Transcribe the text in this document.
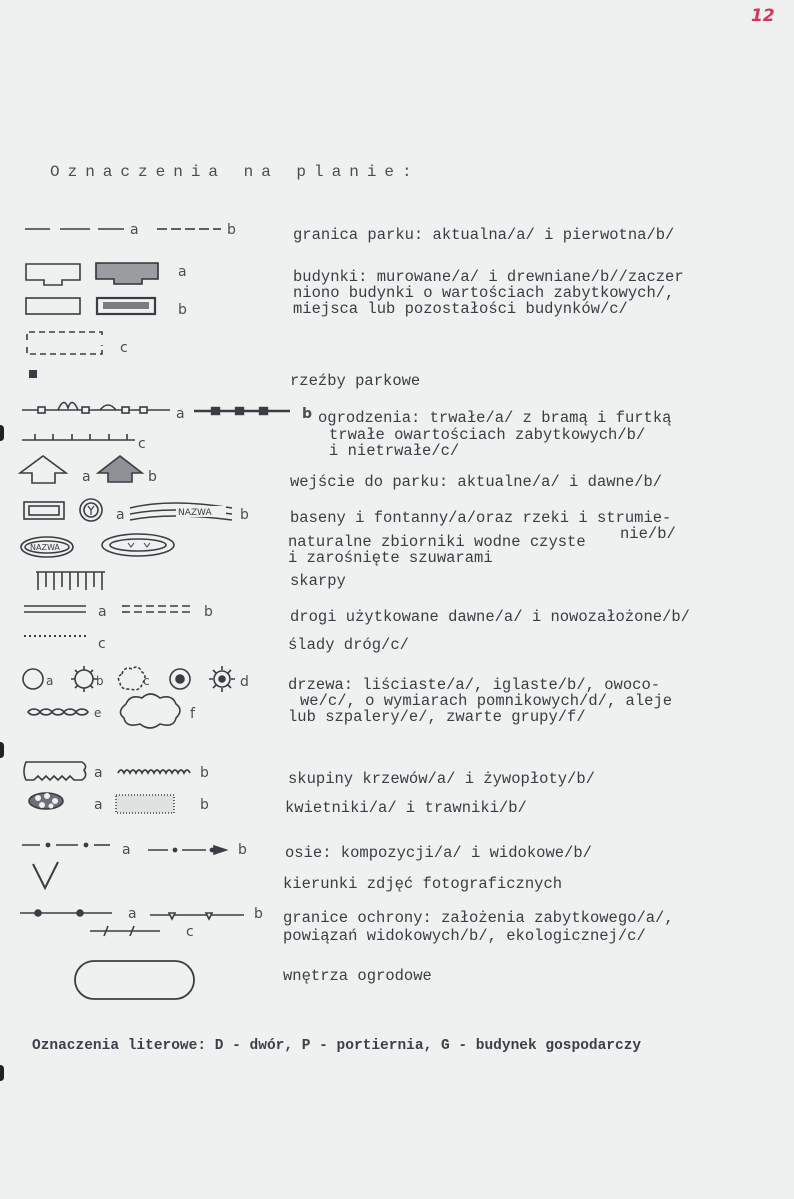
12
Oznaczenia na planie:
granica parku: aktualna/a/ i pierwotna/b/
budynki: murowane/a/ i drewniane/b//zaczer
niono budynki o wartościach zabytkowych/,
miejsca lub pozostałości budynków/c/
rzeźby parkowe
ogrodzenia: trwałe/a/ z bramą i furtką
trwałe owartościach zabytkowych/b/
i nietrwałe/c/
wejście do parku: aktualne/a/ i dawne/b/
baseny i fontanny/a/oraz rzeki i strumie-
nie/b/
naturalne zbiorniki wodne czyste
i zarośnięte szuwarami
skarpy
drogi użytkowane dawne/a/ i nowozałożone/b/
ślady dróg/c/
drzewa: liściaste/a/, iglaste/b/, owoco-
we/c/, o wymiarach pomnikowych/d/, aleje
lub szpalery/e/, zwarte grupy/f/
skupiny krzewów/a/ i żywopłoty/b/
kwietniki/a/ i trawniki/b/
osie: kompozycji/a/ i widokowe/b/
kierunki zdjęć fotograficznych
granice ochrony: założenia zabytkowego/a/,
powiązań widokowych/b/, ekologicznej/c/
wnętrza ogrodowe
Oznaczenia literowe: D - dwór, P - portiernia, G - budynek gospodarczy
a	b
a
b
c
a	b
c
a	b
a	b
a	b
c
a	b	c	d
e	f
a	b
a	b
a	b
a	b
c
NAZWA
NAZWA
